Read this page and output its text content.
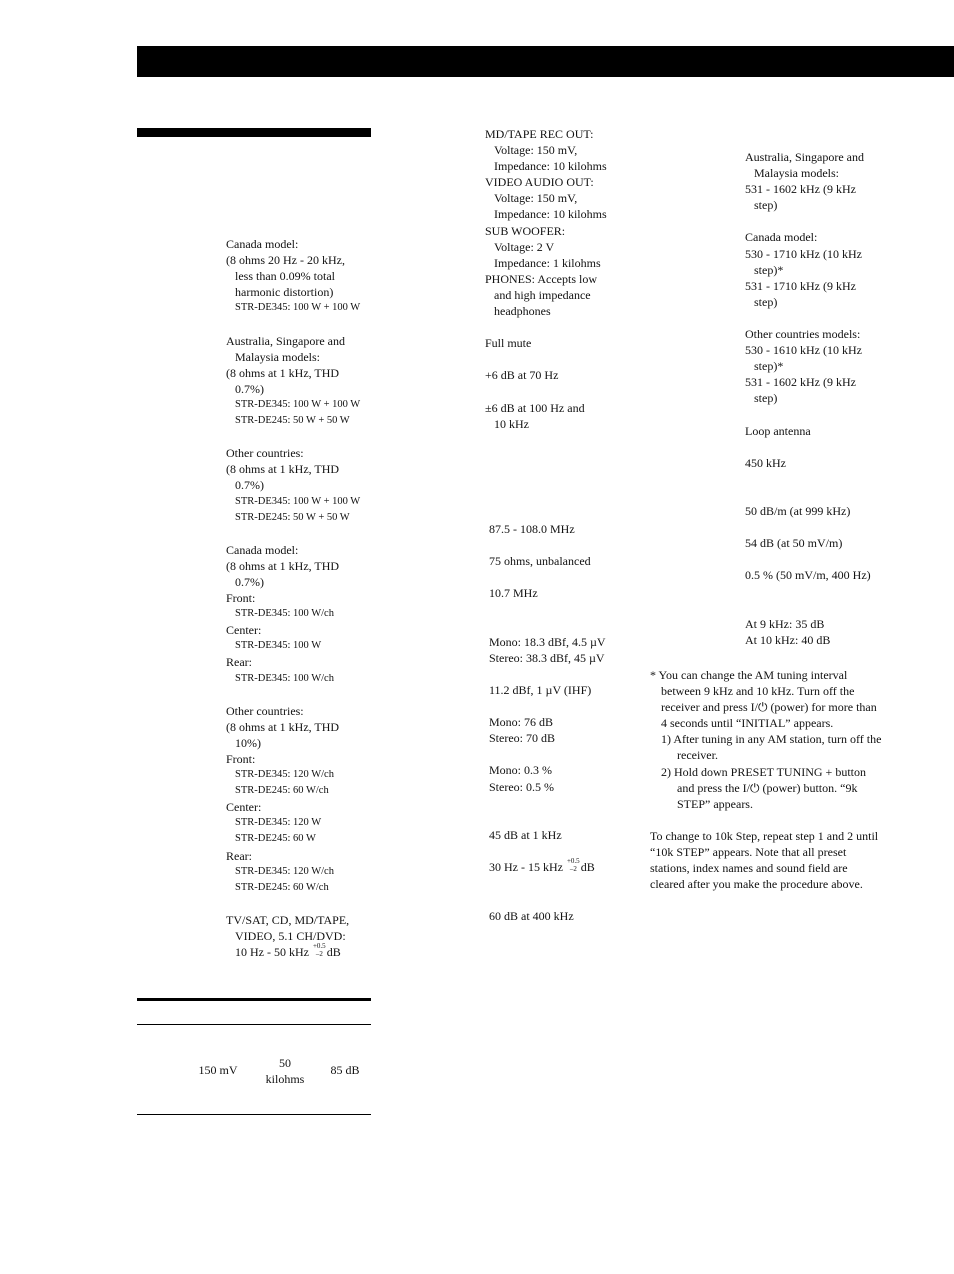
Canada model:
(8 ohms 20 Hz - 20 kHz,
less than 0.09% total
harmonic distortion)
STR-DE345: 100 W + 100 W
Australia, Singapore and
Malaysia models:
(8 ohms at 1 kHz, THD
0.7%)
STR-DE345: 100 W + 100 W
STR-DE245: 50 W + 50 W
Other countries:
(8 ohms at 1 kHz, THD
0.7%)
STR-DE345: 100 W + 100 W
STR-DE245: 50 W + 50 W
Canada model:
(8 ohms at 1 kHz, THD
0.7%)
Front:
STR-DE345: 100 W/ch
Center:
STR-DE345: 100 W
Rear:
STR-DE345: 100 W/ch
Other countries:
(8 ohms at 1 kHz, THD
10%)
Front:
STR-DE345: 120 W/ch
STR-DE245: 60 W/ch
Center:
STR-DE345: 120 W
STR-DE245: 60 W
Rear:
STR-DE345: 120 W/ch
STR-DE245: 60 W/ch
TV/SAT, CD, MD/TAPE,
VIDEO, 5.1 CH/DVD:
10 Hz - 50 kHz +0.5
–2 dB
150 mV	50
kilohms
85 dB
MD/TAPE REC OUT:
Voltage: 150 mV,
Impedance: 10 kilohms
VIDEO AUDIO OUT:
Voltage: 150 mV,
Impedance: 10 kilohms
SUB WOOFER:
Voltage: 2 V
Impedance: 1 kilohms
PHONES: Accepts low
and high impedance
headphones
Full mute
+6 dB at 70 Hz
±6 dB at 100 Hz and
10 kHz
87.5 - 108.0 MHz
75 ohms, unbalanced
10.7 MHz
Mono: 18.3 dBf, 4.5 µV
Stereo: 38.3 dBf, 45 µV
11.2 dBf, 1 µV (IHF)
Mono: 76 dB
Stereo: 70 dB
Mono: 0.3 %
Stereo: 0.5 %
45 dB at 1 kHz
30 Hz - 15 kHz +0.5
–2 dB
60 dB at 400 kHz
Australia, Singapore and
Malaysia models:
531 - 1602 kHz (9 kHz
step)
Canada model:
530 - 1710 kHz (10 kHz
step)*
531 - 1710 kHz (9 kHz
step)
Other countries models:
530 - 1610 kHz (10 kHz
step)*
531 - 1602 kHz (9 kHz
step)
Loop antenna
450 kHz
50 dB/m (at 999 kHz)
54 dB (at 50 mV/m)
0.5 % (50 mV/m, 400 Hz)
At 9 kHz: 35 dB
At 10 kHz: 40 dB
* You can change the AM tuning interval between 9 kHz and 10 kHz. Turn off the receiver and press I/⏻ (power) for more than 4 seconds until “INITIAL” appears.
1) After tuning in any AM station, turn off the receiver.
2) Hold down PRESET TUNING + button and press the I/⏻ (power) button. “9k STEP” appears.
To change to 10k Step, repeat step 1 and 2 until “10k STEP” appears. Note that all preset stations, index names and sound field are cleared after you make the procedure above.
